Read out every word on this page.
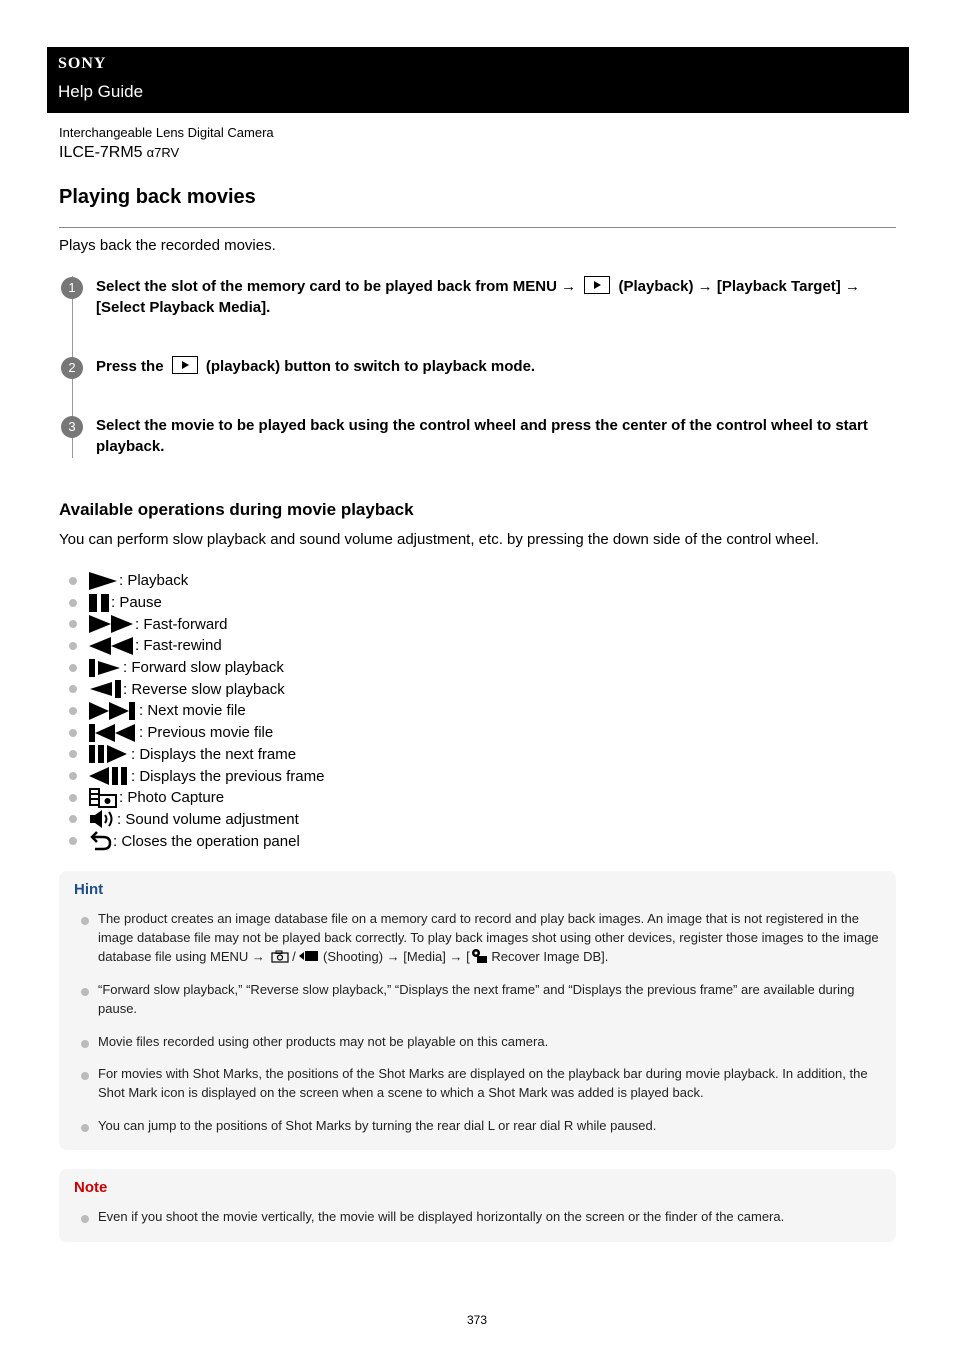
SONY
Help Guide
Interchangeable Lens Digital Camera
ILCE-7RM5 α7RV
Playing back movies
Plays back the recorded movies.
1	Select the slot of the memory card to be played back from MENU →	(Playback) → [Playback Target] → [Select Playback Media].
2	Press the	(playback) button to switch to playback mode.
3	Select the movie to be played back using the control wheel and press the center of the control wheel to start playback.
Available operations during movie playback
You can perform slow playback and sound volume adjustment, etc. by pressing the down side of the control wheel.
: Playback
: Pause
: Fast-forward
: Fast-rewind
: Forward slow playback
: Reverse slow playback
: Next movie file
: Previous movie file
: Displays the next frame
: Displays the previous frame
: Photo Capture
: Sound volume adjustment
: Closes the operation panel
Hint
The product creates an image database file on a memory card to record and play back images. An image that is not registered in the image database file may not be played back correctly. To play back images shot using other devices, register those images to the image database file using MENU → / (Shooting) → [Media] → [ Recover Image DB].
“Forward slow playback,” “Reverse slow playback,” “Displays the next frame” and “Displays the previous frame” are available during pause.
Movie files recorded using other products may not be playable on this camera.
For movies with Shot Marks, the positions of the Shot Marks are displayed on the playback bar during movie playback. In addition, the Shot Mark icon is displayed on the screen when a scene to which a Shot Mark was added is played back.
You can jump to the positions of Shot Marks by turning the rear dial L or rear dial R while paused.
Note
Even if you shoot the movie vertically, the movie will be displayed horizontally on the screen or the finder of the camera.
373
